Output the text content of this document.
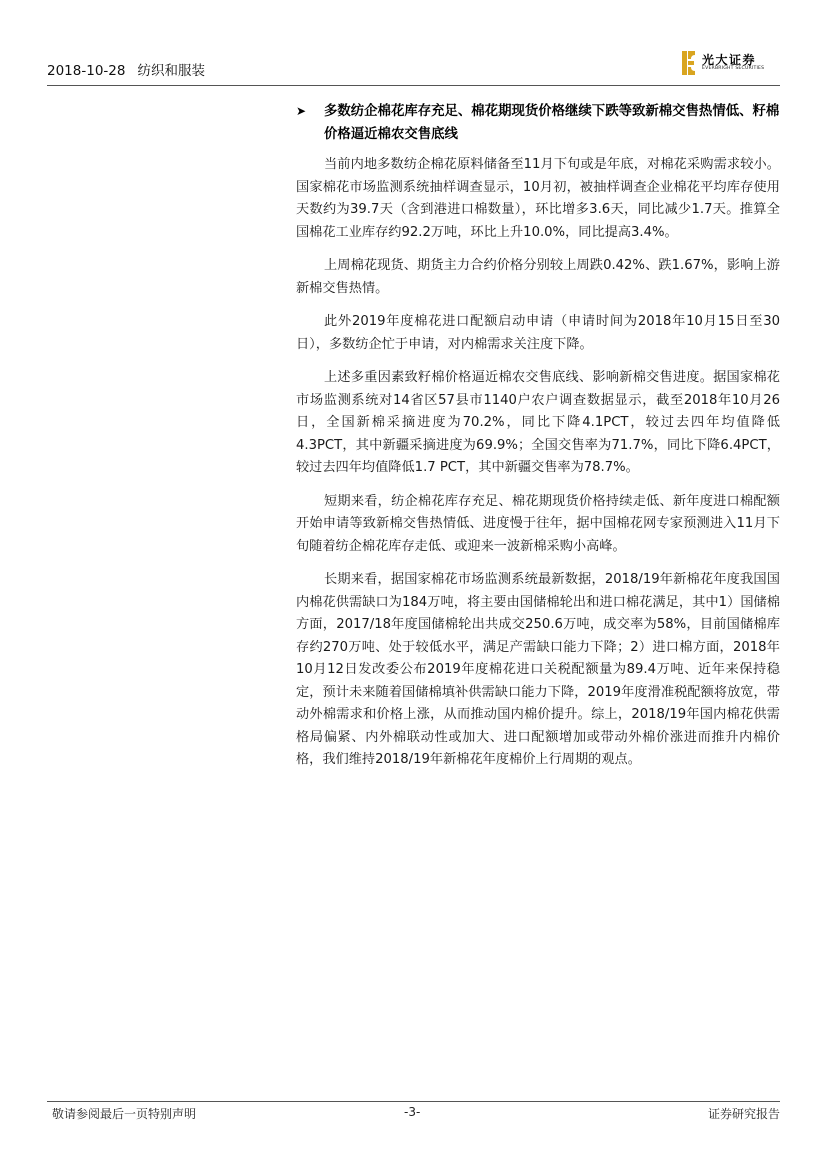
2018-10-28 纺织和服装
光大证券
EVERBRIGHT SECURITIES
➤ 多数纺企棉花库存充足、棉花期现货价格继续下跌等致新棉交售热情低、籽棉价格逼近棉农交售底线

当前内地多数纺企棉花原料储备至11月下旬或是年底，对棉花采购需求较小。国家棉花市场监测系统抽样调查显示，10月初，被抽样调查企业棉花平均库存使用天数约为39.7天（含到港进口棉数量），环比增多3.6天，同比减少1.7天。推算全国棉花工业库存约92.2万吨，环比上升10.0%，同比提高3.4%。

上周棉花现货、期货主力合约价格分别较上周跌0.42%、跌1.67%，影响上游新棉交售热情。

此外2019年度棉花进口配额启动申请（申请时间为2018年10月15日至30日），多数纺企忙于申请，对内棉需求关注度下降。

上述多重因素致籽棉价格逼近棉农交售底线、影响新棉交售进度。据国家棉花市场监测系统对14省区57县市1140户农户调查数据显示，截至2018年10月26日，全国新棉采摘进度为70.2%，同比下降4.1PCT，较过去四年均值降低4.3PCT，其中新疆采摘进度为69.9%；全国交售率为71.7%，同比下降6.4PCT，较过去四年均值降低1.7 PCT，其中新疆交售率为78.7%。

短期来看，纺企棉花库存充足、棉花期现货价格持续走低、新年度进口棉配额开始申请等致新棉交售热情低、进度慢于往年，据中国棉花网专家预测进入11月下旬随着纺企棉花库存走低、或迎来一波新棉采购小高峰。

长期来看，据国家棉花市场监测系统最新数据，2018/19年新棉花年度我国国内棉花供需缺口为184万吨，将主要由国储棉轮出和进口棉花满足，其中1）国储棉方面，2017/18年度国储棉轮出共成交250.6万吨，成交率为58%，目前国储棉库存约270万吨、处于较低水平，满足产需缺口能力下降；2）进口棉方面，2018年10月12日发改委公布2019年度棉花进口关税配额量为89.4万吨、近年来保持稳定，预计未来随着国储棉填补供需缺口能力下降，2019年度滑准税配额将放宽，带动外棉需求和价格上涨，从而推动国内棉价提升。综上，2018/19年国内棉花供需格局偏紧、内外棉联动性或加大、进口配额增加或带动外棉价涨进而推升内棉价格，我们维持2018/19年新棉花年度棉价上行周期的观点。

敬请参阅最后一页特别声明	-3-	证券研究报告
